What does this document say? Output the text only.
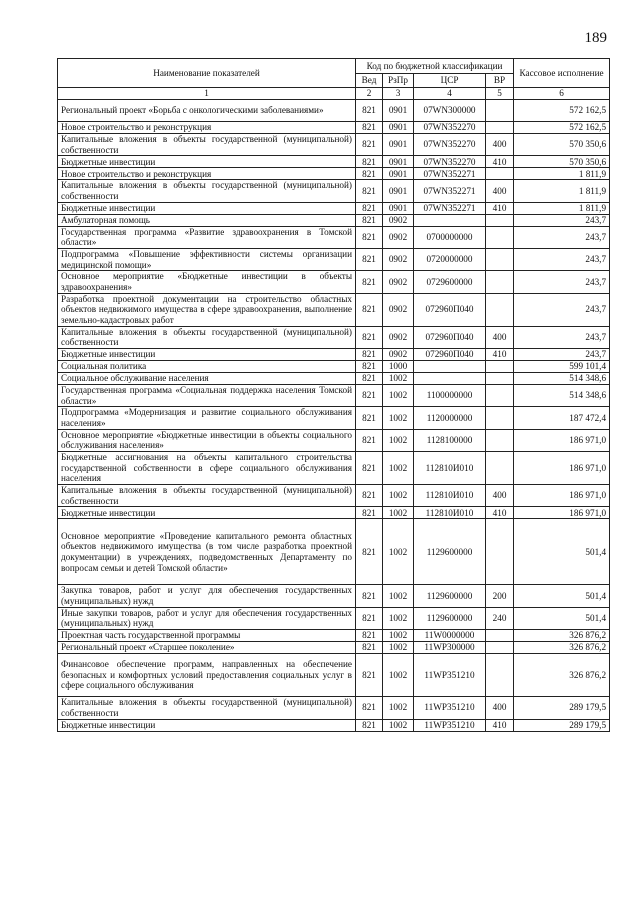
189
Наименование показателей	Код по бюджетной классификации				Кассовое исполнение
	Вед	РзПр	ЦСР	ВР	
1	2	3	4	5	6
Региональный проект «Борьба с онкологическими заболеваниями»	821	0901	07WN300000		572 162,5
Новое строительство и реконструкция	821	0901	07WN352270		572 162,5
Капитальные вложения в объекты государственной (муниципальной) собственности	821	0901	07WN352270	400	570 350,6
Бюджетные инвестиции	821	0901	07WN352270	410	570 350,6
Новое строительство и реконструкция	821	0901	07WN352271		1 811,9
Капитальные вложения в объекты государственной (муниципальной) собственности	821	0901	07WN352271	400	1 811,9
Бюджетные инвестиции	821	0901	07WN352271	410	1 811,9
Амбулаторная помощь	821	0902			243,7
Государственная программа «Развитие здравоохранения в Томской области»	821	0902	0700000000		243,7
Подпрограмма «Повышение эффективности системы организации медицинской помощи»	821	0902	0720000000		243,7
Основное мероприятие «Бюджетные инвестиции в объекты здравоохранения»	821	0902	0729600000		243,7
Разработка проектной документации на строительство областных объектов недвижимого имущества в сфере здравоохранения, выполнение земельно-кадастровых работ	821	0902	072960П040		243,7
Капитальные вложения в объекты государственной (муниципальной) собственности	821	0902	072960П040	400	243,7
Бюджетные инвестиции	821	0902	072960П040	410	243,7
Социальная политика	821	1000			599 101,4
Социальное обслуживание населения	821	1002			514 348,6
Государственная программа «Социальная поддержка населения Томской области»	821	1002	1100000000		514 348,6
Подпрограмма «Модернизация и развитие социального обслуживания населения»	821	1002	1120000000		187 472,4
Основное мероприятие «Бюджетные инвестиции в объекты социального обслуживания населения»	821	1002	1128100000		186 971,0
Бюджетные ассигнования на объекты капитального строительства государственной собственности в сфере социального обслуживания населения	821	1002	112810И010		186 971,0
Капитальные вложения в объекты государственной (муниципальной) собственности	821	1002	112810И010	400	186 971,0
Бюджетные инвестиции	821	1002	112810И010	410	186 971,0
Основное мероприятие «Проведение капитального ремонта областных объектов недвижимого имущества (в том числе разработка проектной документации) в учреждениях, подведомственных Департаменту по вопросам семьи и детей Томской области»	821	1002	1129600000		501,4
Закупка товаров, работ и услуг для обеспечения государственных (муниципальных) нужд	821	1002	1129600000	200	501,4
Иные закупки товаров, работ и услуг для обеспечения государственных (муниципальных) нужд	821	1002	1129600000	240	501,4
Проектная часть государственной программы	821	1002	11W0000000		326 876,2
Региональный проект «Старшее поколение»	821	1002	11WP300000		326 876,2
Финансовое обеспечение программ, направленных на обеспечение безопасных и комфортных условий предоставления социальных услуг в сфере социального обслуживания	821	1002	11WP351210		326 876,2
Капитальные вложения в объекты государственной (муниципальной) собственности	821	1002	11WP351210	400	289 179,5
Бюджетные инвестиции	821	1002	11WP351210	410	289 179,5
